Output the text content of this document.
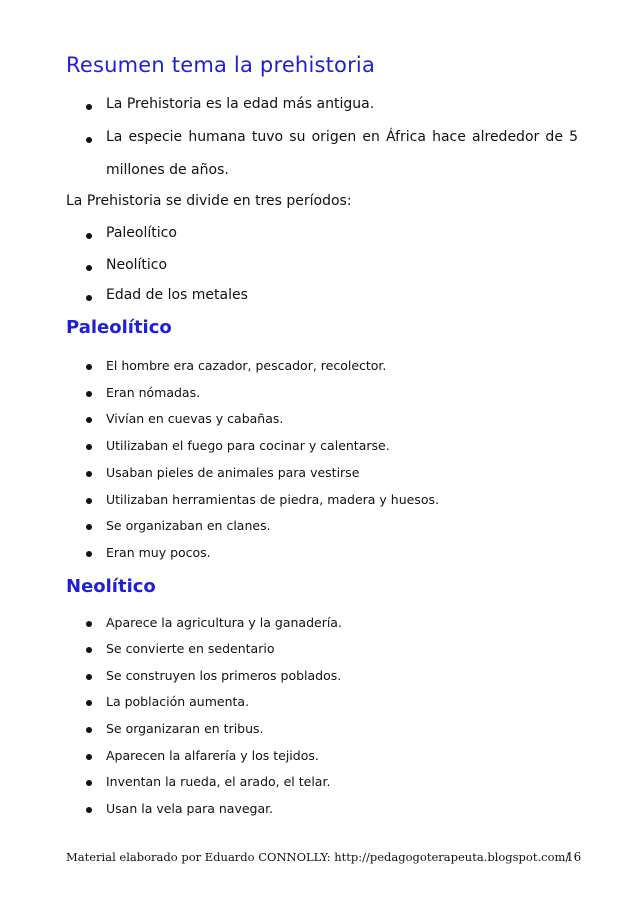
Resumen tema la prehistoria
La Prehistoria es la edad más antigua.
La especie humana tuvo su origen en África hace alrededor de 5
millones de años.

La Prehistoria se divide en tres períodos:

Paleolítico
Neolítico
Edad de los metales
Paleolítico
El hombre era cazador, pescador, recolector.
Eran nómadas.
Vivían en cuevas y cabañas.
Utilizaban el fuego para cocinar y calentarse.
Usaban pieles de animales para vestirse
Utilizaban herramientas de piedra, madera y huesos.
Se organizaban en clanes.
Eran muy pocos.
Neolítico
Aparece la agricultura y la ganadería.
Se convierte en sedentario
Se construyen los primeros poblados.
La población aumenta.
Se organizaran en tribus.
Aparecen la alfarería y los tejidos.
Inventan la rueda, el arado, el telar.
Usan la vela para navegar.
Material elaborado por Eduardo CONNOLLY: http://pedagogoterapeuta.blogspot.com/
16
